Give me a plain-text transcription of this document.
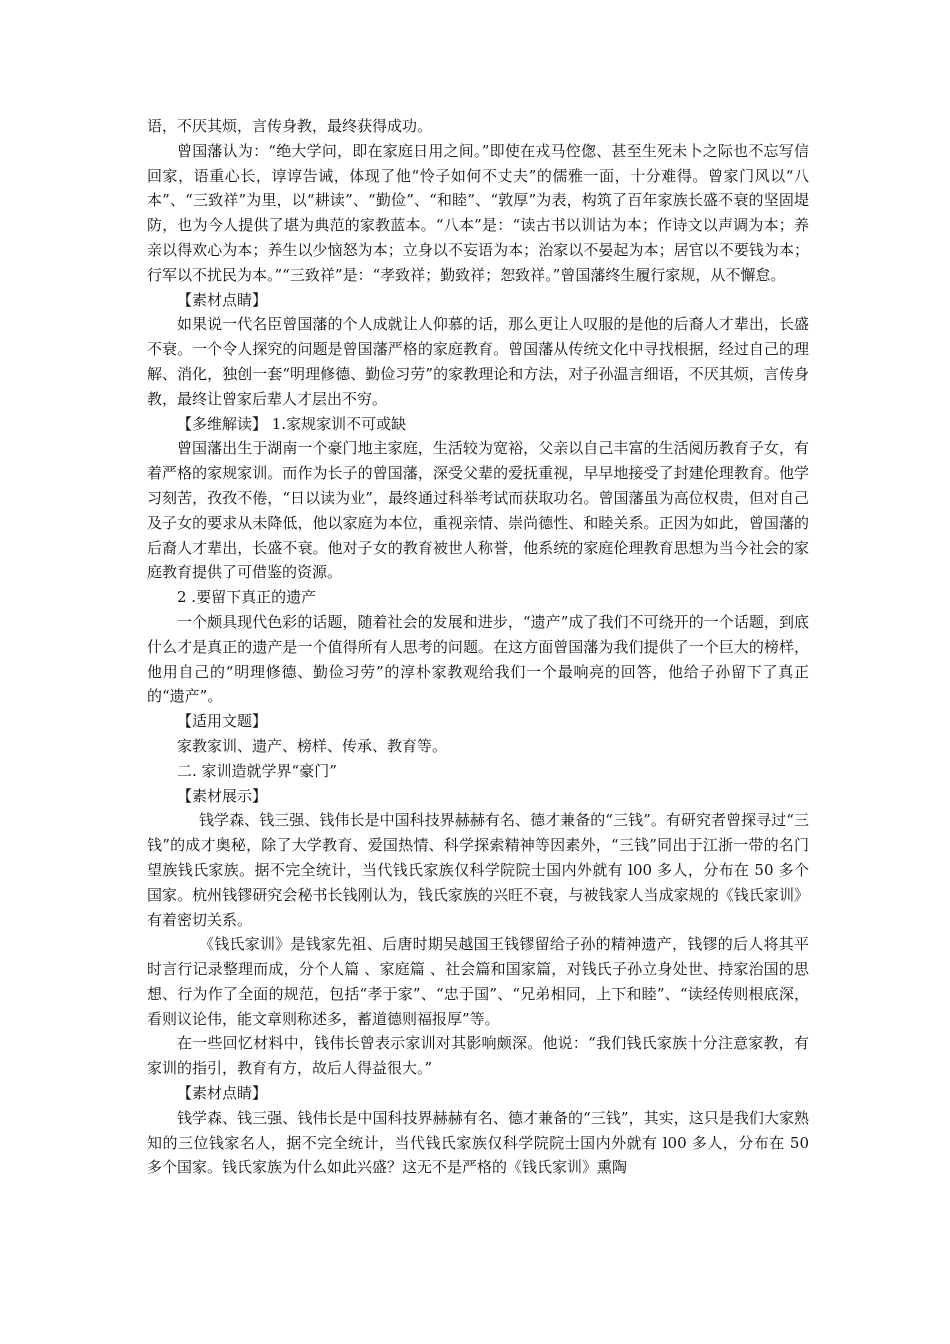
语，不厌其烦，言传身教，最终获得成功。

曾国藩认为：“绝大学问，即在家庭日用之间。”即使在戎马倥偬、甚至生死未卜之际也不忘写信回家，语重心长，谆谆告诫，体现了他“怜子如何不丈夫”的儒雅一面，十分难得。曾家门风以“八本”、“三致祥”为里，以“耕读”、“勤俭”、“和睦”、“敦厚”为表，构筑了百年家族长盛不衰的坚固堤防，也为今人提供了堪为典范的家教蓝本。“八本”是：“读古书以训诂为本；作诗文以声调为本；养亲以得欢心为本；养生以少恼怒为本；立身以不妄语为本；治家以不晏起为本；居官以不要钱为本；行军以不扰民为本。”“三致祥”是：“孝致祥；勤致祥；恕致祥。”曾国藩终生履行家规，从不懈怠。

【素材点睛】

如果说一代名臣曾国藩的个人成就让人仰慕的话，那么更让人叹服的是他的后裔人才辈出，长盛不衰。一个令人探究的问题是曾国藩严格的家庭教育。曾国藩从传统文化中寻找根据，经过自己的理解、消化，独创一套“明理修德、勤俭习劳”的家教理论和方法，对子孙温言细语，不厌其烦，言传身教，最终让曾家后辈人才层出不穷。

【多维解读】 1.家规家训不可或缺

曾国藩出生于湖南一个豪门地主家庭，生活较为宽裕，父亲以自己丰富的生活阅历教育子女，有着严格的家规家训。而作为长子的曾国藩，深受父辈的爱抚重视，早早地接受了封建伦理教育。他学习刻苦，孜孜不倦，“日以读为业”，最终通过科举考试而获取功名。曾国藩虽为高位权贵，但对自己及子女的要求从未降低，他以家庭为本位，重视亲情、崇尚德性、和睦关系。正因为如此，曾国藩的后裔人才辈出，长盛不衰。他对子女的教育被世人称誉，他系统的家庭伦理教育思想为当今社会的家庭教育提供了可借鉴的资源。

2 .要留下真正的遗产

一个颇具现代色彩的话题，随着社会的发展和进步，“遗产”成了我们不可绕开的一个话题，到底什么才是真正的遗产是一个值得所有人思考的问题。在这方面曾国藩为我们提供了一个巨大的榜样，他用自己的“明理修德、勤俭习劳”的淳朴家教观给我们一个最响亮的回答，他给子孙留下了真正的“遗产”。

【适用文题】

家教家训、遗产、榜样、传承、教育等。

二. 家训造就学界“豪门”

【素材展示】

钱学森、钱三强、钱伟长是中国科技界赫赫有名、德才兼备的“三钱”。有研究者曾探寻过“三钱”的成才奥秘，除了大学教育、爱国热情、科学探索精神等因素外，“三钱”同出于江浙一带的名门望族钱氏家族。据不完全统计，当代钱氏家族仅科学院院士国内外就有 l00 多人，分布在 50 多个国家。杭州钱镠研究会秘书长钱刚认为，钱氏家族的兴旺不衰，与被钱家人当成家规的《钱氏家训》有着密切关系。

《钱氏家训》是钱家先祖、后唐时期吴越国王钱镠留给子孙的精神遗产，钱镠的后人将其平时言行记录整理而成，分个人篇 、家庭篇 、社会篇和国家篇，对钱氏子孙立身处世、持家治国的思想、行为作了全面的规范，包括“孝于家”、“忠于国”、“兄弟相同，上下和睦”、“读经传则根底深，看则议论伟，能文章则称述多，蓄道德则福报厚”等。

在一些回忆材料中，钱伟长曾表示家训对其影响颇深。他说：“我们钱氏家族十分注意家教，有家训的指引，教育有方，故后人得益很大。”

【素材点睛】

钱学森、钱三强、钱伟长是中国科技界赫赫有名、德才兼备的“三钱”，其实，这只是我们大家熟知的三位钱家名人，据不完全统计，当代钱氏家族仅科学院院士国内外就有 l00 多人，分布在 50 多个国家。钱氏家族为什么如此兴盛？这无不是严格的《钱氏家训》熏陶
